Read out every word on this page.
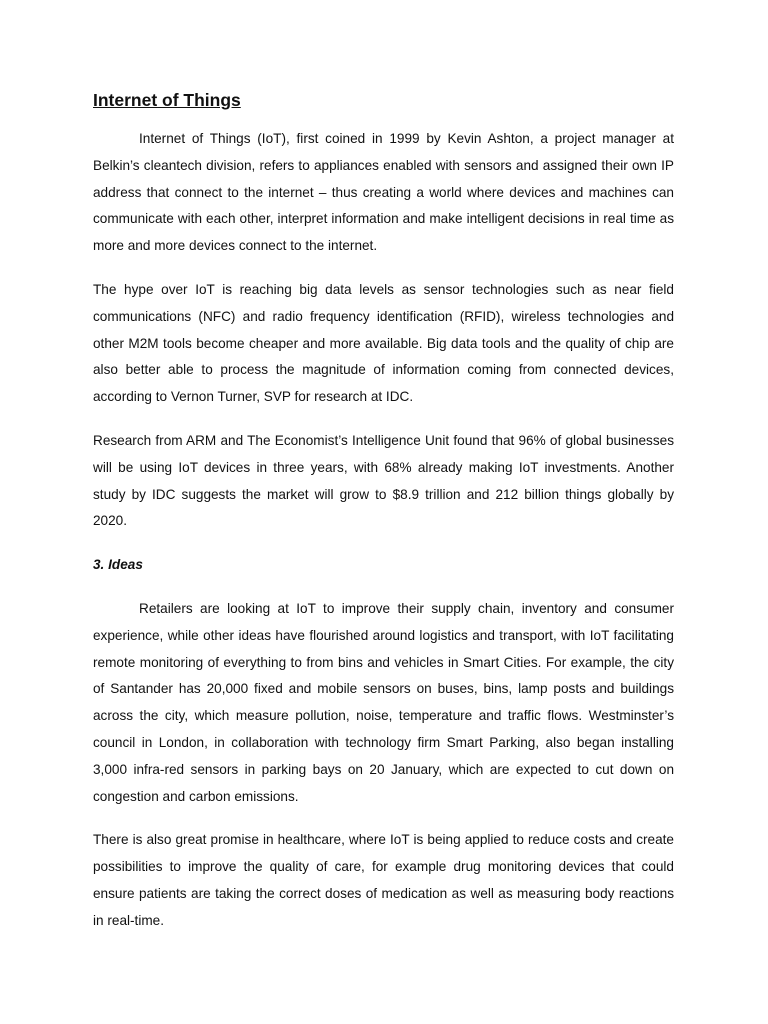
Internet of Things

Internet of Things (IoT), first coined in 1999 by Kevin Ashton, a project manager at Belkin’s cleantech division, refers to appliances enabled with sensors and assigned their own IP address that connect to the internet – thus creating a world where devices and machines can communicate with each other, interpret information and make intelligent decisions in real time as more and more devices connect to the internet.

The hype over IoT is reaching big data levels as sensor technologies such as near field communications (NFC) and radio frequency identification (RFID), wireless technologies and other M2M tools become cheaper and more available. Big data tools and the quality of chip are also better able to process the magnitude of information coming from connected devices, according to Vernon Turner, SVP for research at IDC.

Research from ARM and The Economist’s Intelligence Unit found that 96% of global businesses will be using IoT devices in three years, with 68% already making IoT investments. Another study by IDC suggests the market will grow to $8.9 trillion and 212 billion things globally by 2020.

3. Ideas

Retailers are looking at IoT to improve their supply chain, inventory and consumer experience, while other ideas have flourished around logistics and transport, with IoT facilitating remote monitoring of everything to from bins and vehicles in Smart Cities. For example, the city of Santander has 20,000 fixed and mobile sensors on buses, bins, lamp posts and buildings across the city, which measure pollution, noise, temperature and traffic flows. Westminster’s council in London, in collaboration with technology firm Smart Parking, also began installing 3,000 infra-red sensors in parking bays on 20 January, which are expected to cut down on congestion and carbon emissions.

There is also great promise in healthcare, where IoT is being applied to reduce costs and create possibilities to improve the quality of care, for example drug monitoring devices that could ensure patients are taking the correct doses of medication as well as measuring body reactions in real-time.
